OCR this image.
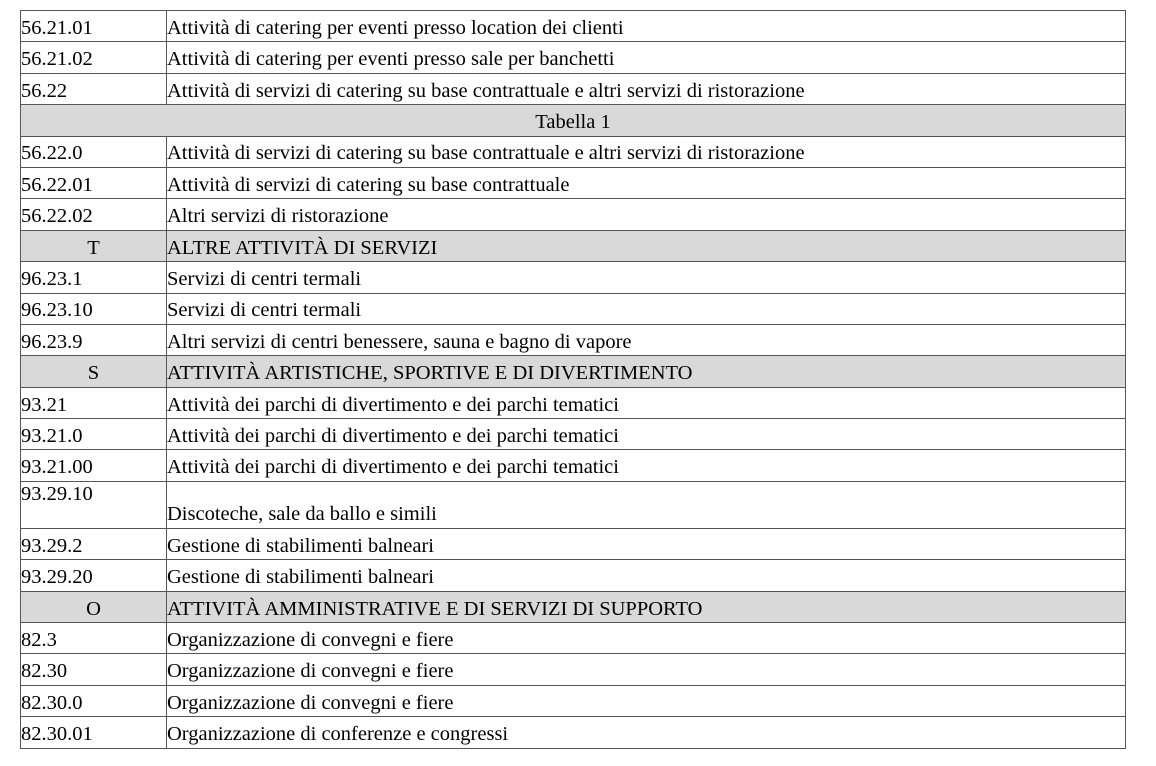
56.21.01	Attività di catering per eventi presso location dei clienti
56.21.02	Attività di catering per eventi presso sale per banchetti
56.22	Attività di servizi di catering su base contrattuale e altri servizi di ristorazione
Tabella 1	
56.22.0	Attività di servizi di catering su base contrattuale e altri servizi di ristorazione
56.22.01	Attività di servizi di catering su base contrattuale
56.22.02	Altri servizi di ristorazione
T	ALTRE ATTIVITÀ DI SERVIZI
96.23.1	Servizi di centri termali
96.23.10	Servizi di centri termali
96.23.9	Altri servizi di centri benessere, sauna e bagno di vapore
S	ATTIVITÀ ARTISTICHE, SPORTIVE E DI DIVERTIMENTO
93.21	Attività dei parchi di divertimento e dei parchi tematici
93.21.0	Attività dei parchi di divertimento e dei parchi tematici
93.21.00	Attività dei parchi di divertimento e dei parchi tematici
93.29.10	Discoteche, sale da ballo e simili
93.29.2	Gestione di stabilimenti balneari
93.29.20	Gestione di stabilimenti balneari
O	ATTIVITÀ AMMINISTRATIVE E DI SERVIZI DI SUPPORTO
82.3	Organizzazione di convegni e fiere
82.30	Organizzazione di convegni e fiere
82.30.0	Organizzazione di convegni e fiere
82.30.01	Organizzazione di conferenze e congressi
